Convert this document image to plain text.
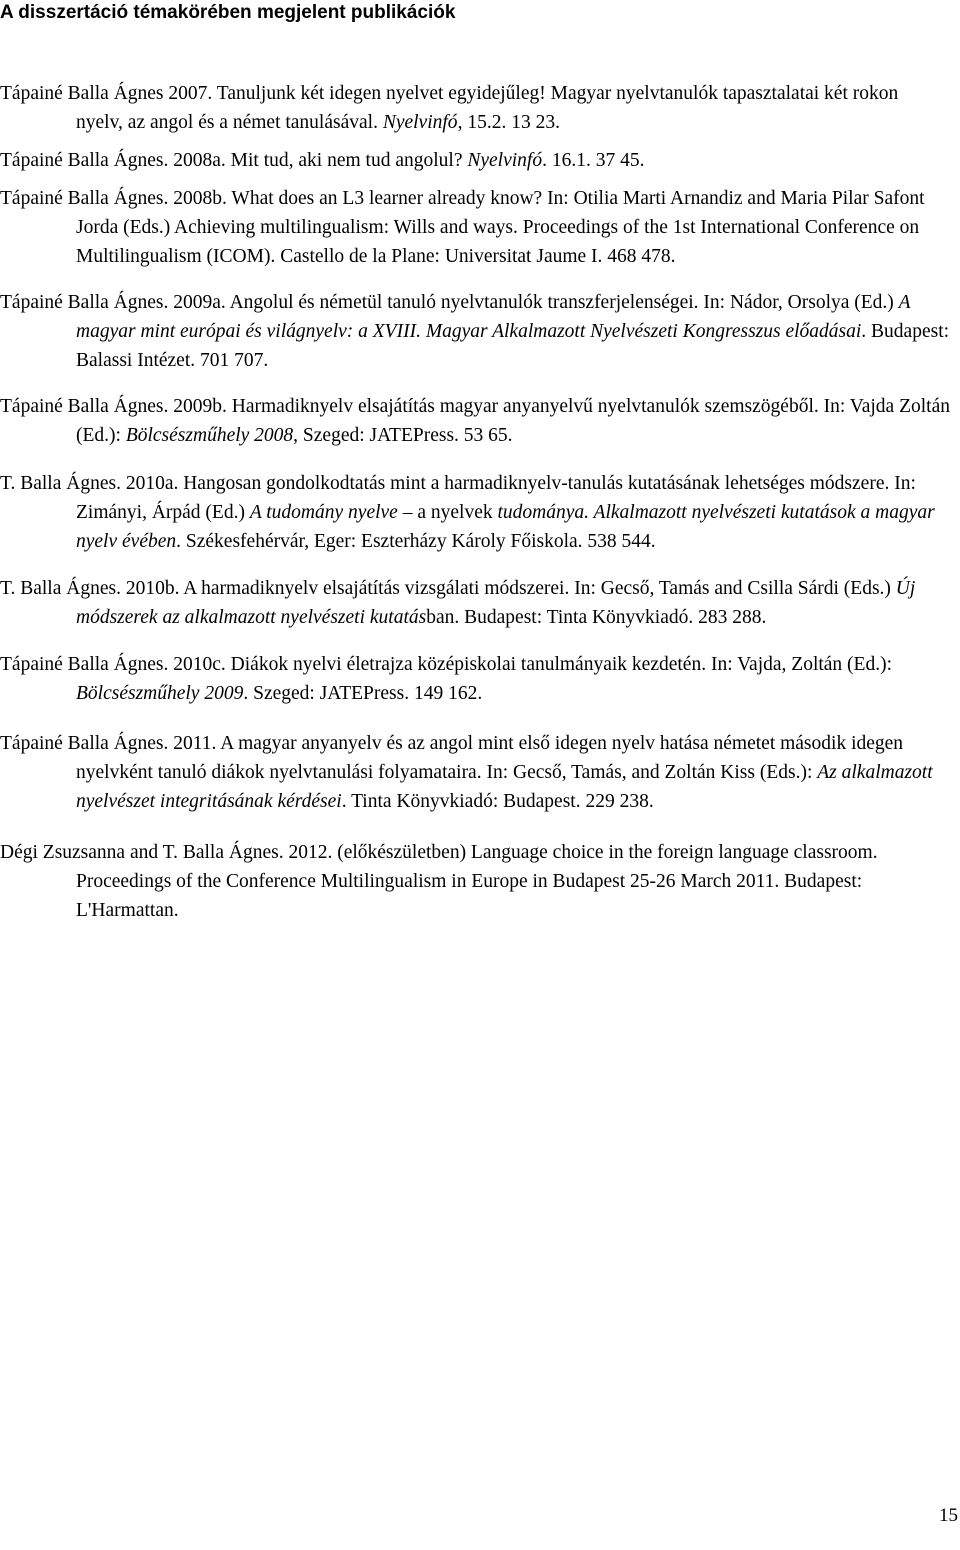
A disszertáció témakörében megjelent publikációk

Tápainé Balla Ágnes 2007. Tanuljunk két idegen nyelvet egyidejűleg! Magyar nyelvtanulók tapasztalatai két rokon nyelv, az angol és a német tanulásával. Nyelvinfó, 15.2. 13 23.

Tápainé Balla Ágnes. 2008a. Mit tud, aki nem tud angolul? Nyelvinfó. 16.1. 37 45.

Tápainé Balla Ágnes. 2008b. What does an L3 learner already know? In: Otilia Marti Arnandiz and Maria Pilar Safont Jorda (Eds.) Achieving multilingualism: Wills and ways. Proceedings of the 1st International Conference on Multilingualism (ICOM). Castello de la Plane: Universitat Jaume I. 468 478.

Tápainé Balla Ágnes. 2009a. Angolul és németül tanuló nyelvtanulók transzferjelenségei. In: Nádor, Orsolya (Ed.) A magyar mint európai és világnyelv: a XVIII. Magyar Alkalmazott Nyelvészeti Kongresszus előadásai. Budapest: Balassi Intézet. 701 707.

Tápainé Balla Ágnes. 2009b. Harmadiknyelv elsajátítás magyar anyanyelvű nyelvtanulók szemszögéből. In: Vajda Zoltán (Ed.): Bölcsészműhely 2008, Szeged: JATEPress. 53 65.

T. Balla Ágnes. 2010a. Hangosan gondolkodtatás mint a harmadiknyelv-tanulás kutatásának lehetséges módszere. In: Zimányi, Árpád (Ed.) A tudomány nyelve – a nyelvek tudománya. Alkalmazott nyelvészeti kutatások a magyar nyelv évében. Székesfehérvár, Eger: Eszterházy Károly Főiskola. 538 544.

T. Balla Ágnes. 2010b. A harmadiknyelv elsajátítás vizsgálati módszerei. In: Gecső, Tamás and Csilla Sárdi (Eds.) Új módszerek az alkalmazott nyelvészeti kutatásban. Budapest: Tinta Könyvkiadó. 283 288.

Tápainé Balla Ágnes. 2010c. Diákok nyelvi életrajza középiskolai tanulmányaik kezdetén. In: Vajda, Zoltán (Ed.): Bölcsészműhely 2009. Szeged: JATEPress. 149 162.

Tápainé Balla Ágnes. 2011. A magyar anyanyelv és az angol mint első idegen nyelv hatása németet második idegen nyelvként tanuló diákok nyelvtanulási folyamataira. In: Gecső, Tamás, and Zoltán Kiss (Eds.): Az alkalmazott nyelvészet integritásának kérdései. Tinta Könyvkiadó: Budapest. 229 238.

Dégi Zsuzsanna and T. Balla Ágnes. 2012. (előkészületben) Language choice in the foreign language classroom. Proceedings of the Conference Multilingualism in Europe in Budapest 25-26 March 2011. Budapest: L'Harmattan.

15
